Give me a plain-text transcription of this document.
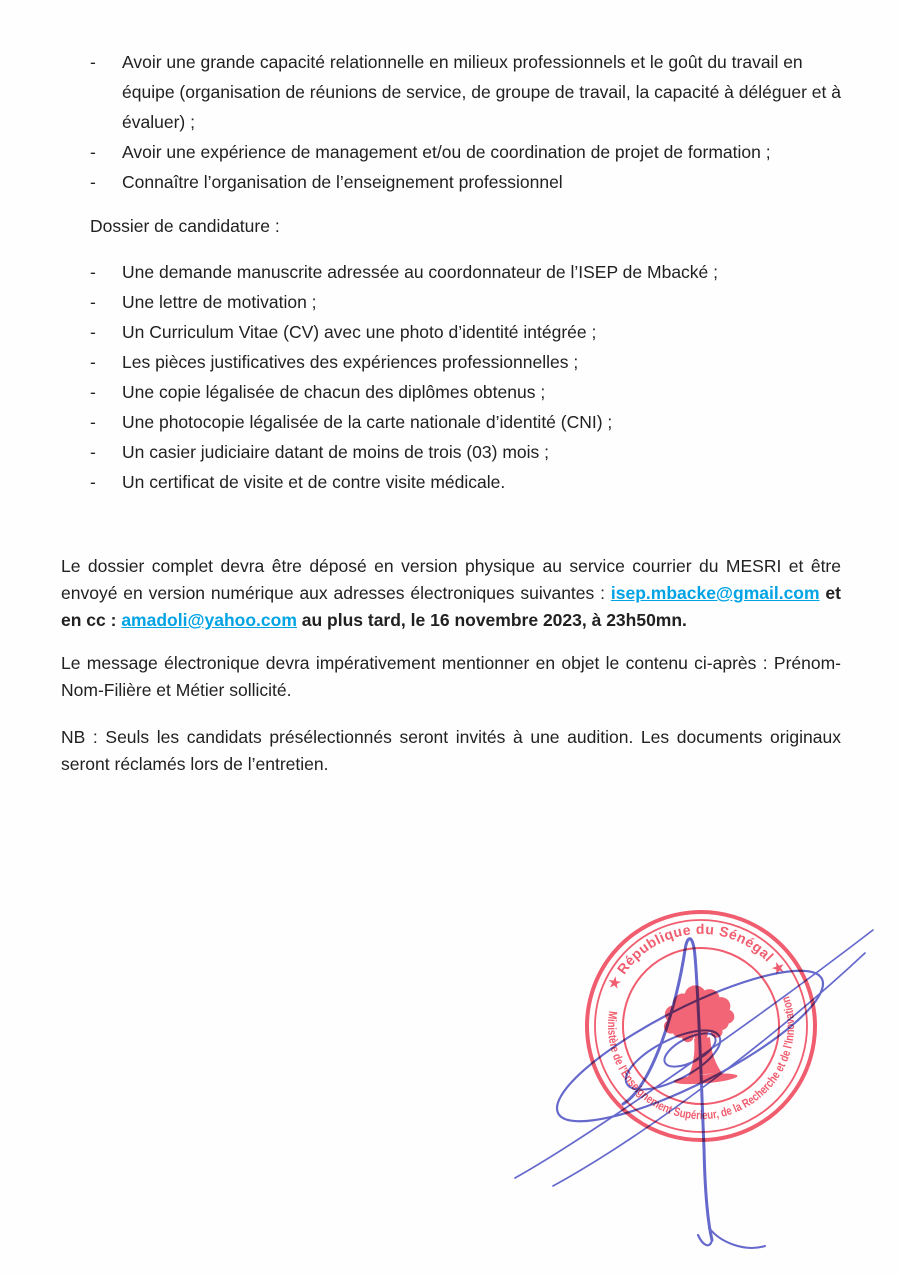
- Avoir une grande capacité relationnelle en milieux professionnels et le goût du travail en équipe (organisation de réunions de service, de groupe de travail, la capacité à déléguer et à évaluer) ;
- Avoir une expérience de management et/ou de coordination de projet de formation ;
- Connaître l’organisation de l’enseignement professionnel

Dossier de candidature :

- Une demande manuscrite adressée au coordonnateur de l’ISEP de Mbacké ;
- Une lettre de motivation ;
- Un Curriculum Vitae (CV) avec une photo d’identité intégrée ;
- Les pièces justificatives des expériences professionnelles ;
- Une copie légalisée de chacun des diplômes obtenus ;
- Une photocopie légalisée de la carte nationale d’identité (CNI) ;
- Un casier judiciaire datant de moins de trois (03) mois ;
- Un certificat de visite et de contre visite médicale.

Le dossier complet devra être déposé en version physique au service courrier du MESRI et être envoyé en version numérique aux adresses électroniques suivantes : isep.mbacke@gmail.com et en cc : amadoli@yahoo.com au plus tard, le 16 novembre 2023, à 23h50mn.

Le message électronique devra impérativement mentionner en objet le contenu ci-après : Prénom-Nom-Filière et Métier sollicité.

NB : Seuls les candidats présélectionnés seront invités à une audition. Les documents originaux seront réclamés lors de l’entretien.

★ République du Sénégal ★
Ministère de l’Enseignement Supérieur, de la Recherche et de l’Innovation
